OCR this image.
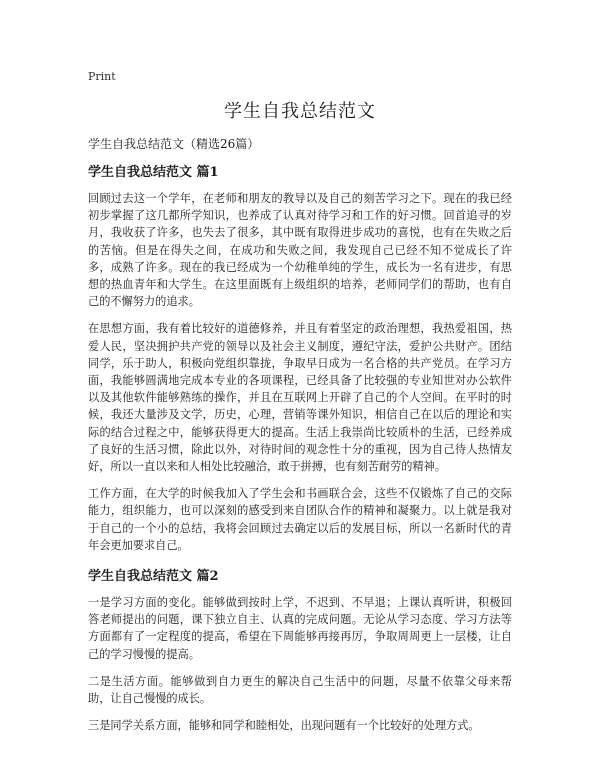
Print
学生自我总结范文
学生自我总结范文（精选26篇）
学生自我总结范文 篇1

回顾过去这一个学年，在老师和朋友的教导以及自己的刻苦学习之下。现在的我已经初步掌握了这几都所学知识，也养成了认真对待学习和工作的好习惯。回首追寻的岁月，我收获了许多，也失去了很多，其中既有取得进步成功的喜悦，也有在失败之后的苦恼。但是在得失之间，在成功和失败之间，我发现自己已经不知不觉成长了许多，成熟了许多。现在的我已经成为一个幼稚单纯的学生，成长为一名有进步，有思想的热血青年和大学生。在这里面既有上级组织的培养，老师同学们的帮助，也有自己的不懈努力的追求。

在思想方面，我有着比较好的道德修养，并且有着坚定的政治理想，我热爱祖国，热爱人民，坚决拥护共产党的领导以及社会主义制度，遵纪守法，爱护公共财产。团结同学，乐于助人，积极向党组织靠拢，争取早日成为一名合格的共产党员。在学习方面，我能够圆满地完成本专业的各项课程，已经具备了比较强的专业知世对办公软件以及其他软件能够熟练的操作，并且在互联网上开辟了自己的个人空间。在平时的时候，我还大量涉及文学，历史，心理，营销等课外知识，相信自己在以后的理论和实际的结合过程之中，能够获得更大的提高。生活上我崇尚比较质朴的生活，已经养成了良好的生活习惯，除此以外，对待时间的观念性十分的重视，因为自己待人热情友好，所以一直以来和人相处比较融洽，敢于拼搏，也有刻苦耐劳的精神。

工作方面，在大学的时候我加入了学生会和书画联合会，这些不仅锻炼了自己的交际能力，组织能力，也可以深刻的感受到来自团队合作的精神和凝聚力。以上就是我对于自己的一个小的总结，我将会回顾过去确定以后的发展目标，所以一名新时代的青年会更加要求自己。

学生自我总结范文 篇2

一是学习方面的变化。能够做到按时上学，不迟到、不早退；上课认真听讲，积极回答老师提出的问题，课下独立自主、认真的完成问题。无论从学习态度、学习方法等方面都有了一定程度的提高，希望在下周能够再接再厉，争取周周更上一层楼，让自己的学习慢慢的提高。

二是生活方面。能够做到自力更生的解决自己生活中的问题，尽量不依靠父母来帮助，让自己慢慢的成长。

三是同学关系方面，能够和同学和睦相处，出现问题有一个比较好的处理方式。
